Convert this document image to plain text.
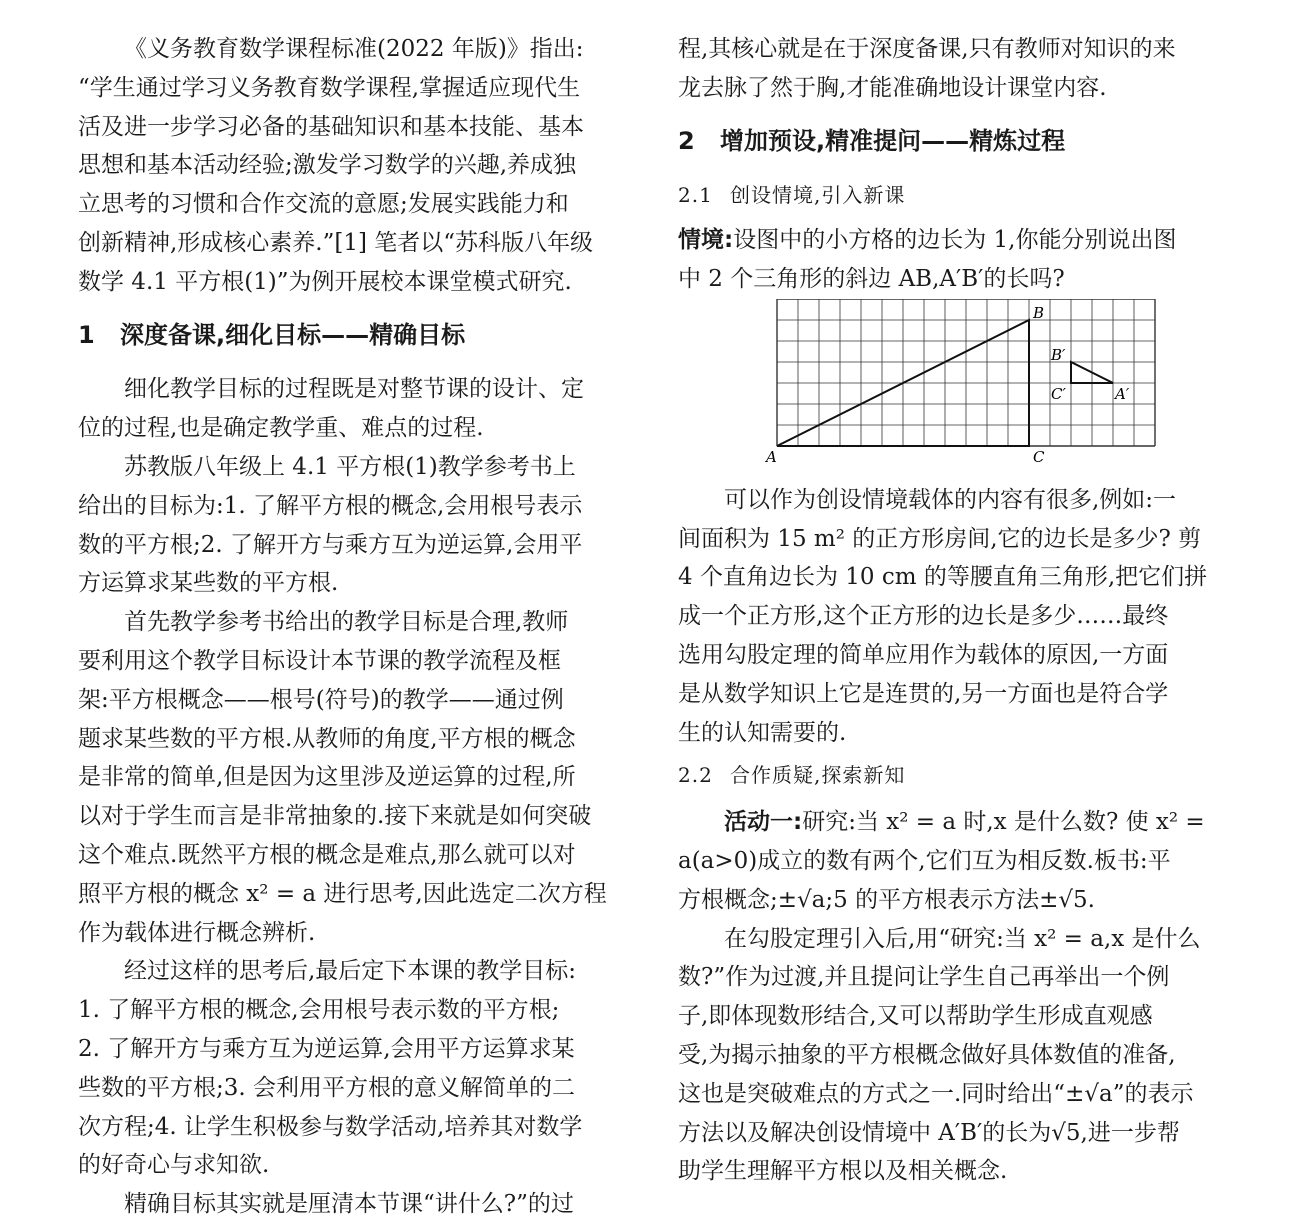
《义务教育数学课程标准(2022 年版)》指出:
“学生通过学习义务教育数学课程,掌握适应现代生
活及进一步学习必备的基础知识和基本技能、基本
思想和基本活动经验;激发学习数学的兴趣,养成独
立思考的习惯和合作交流的意愿;发展实践能力和
创新精神,形成核心素养.”[1] 笔者以“苏科版八年级
数学 4.1 平方根(1)”为例开展校本课堂模式研究.
1 深度备课,细化目标——精确目标
细化教学目标的过程既是对整节课的设计、定
位的过程,也是确定教学重、难点的过程.
苏教版八年级上 4.1 平方根(1)教学参考书上
给出的目标为:1. 了解平方根的概念,会用根号表示
数的平方根;2. 了解开方与乘方互为逆运算,会用平
方运算求某些数的平方根.
首先教学参考书给出的教学目标是合理,教师
要利用这个教学目标设计本节课的教学流程及框
架:平方根概念——根号(符号)的教学——通过例
题求某些数的平方根.从教师的角度,平方根的概念
是非常的简单,但是因为这里涉及逆运算的过程,所
以对于学生而言是非常抽象的.接下来就是如何突破
这个难点.既然平方根的概念是难点,那么就可以对
照平方根的概念 x² = a 进行思考,因此选定二次方程
作为载体进行概念辨析.
经过这样的思考后,最后定下本课的教学目标:
1. 了解平方根的概念,会用根号表示数的平方根;
2. 了解开方与乘方互为逆运算,会用平方运算求某
些数的平方根;3. 会利用平方根的意义解简单的二
次方程;4. 让学生积极参与数学活动,培养其对数学
的好奇心与求知欲.
精确目标其实就是厘清本节课“讲什么?”的过
程,其核心就是在于深度备课,只有教师对知识的来
龙去脉了然于胸,才能准确地设计课堂内容.
2 增加预设,精准提问——精炼过程
2.1 创设情境,引入新课
情境:设图中的小方格的边长为 1,你能分别说出图
中 2 个三角形的斜边 AB,A′B′的长吗?
A
B
C
A′
B′
C′
可以作为创设情境载体的内容有很多,例如:一
间面积为 15 m² 的正方形房间,它的边长是多少? 剪
4 个直角边长为 10 cm 的等腰直角三角形,把它们拼
成一个正方形,这个正方形的边长是多少……最终
选用勾股定理的简单应用作为载体的原因,一方面
是从数学知识上它是连贯的,另一方面也是符合学
生的认知需要的.
2.2 合作质疑,探索新知
活动一:研究:当 x² = a 时,x 是什么数? 使 x² =
a(a>0)成立的数有两个,它们互为相反数.板书:平
方根概念;±√a;5 的平方根表示方法±√5.
在勾股定理引入后,用“研究:当 x² = a,x 是什么
数?”作为过渡,并且提问让学生自己再举出一个例
子,即体现数形结合,又可以帮助学生形成直观感
受,为揭示抽象的平方根概念做好具体数值的准备,
这也是突破难点的方式之一.同时给出“±√a”的表示
方法以及解决创设情境中 A′B′的长为√5,进一步帮
助学生理解平方根以及相关概念.
